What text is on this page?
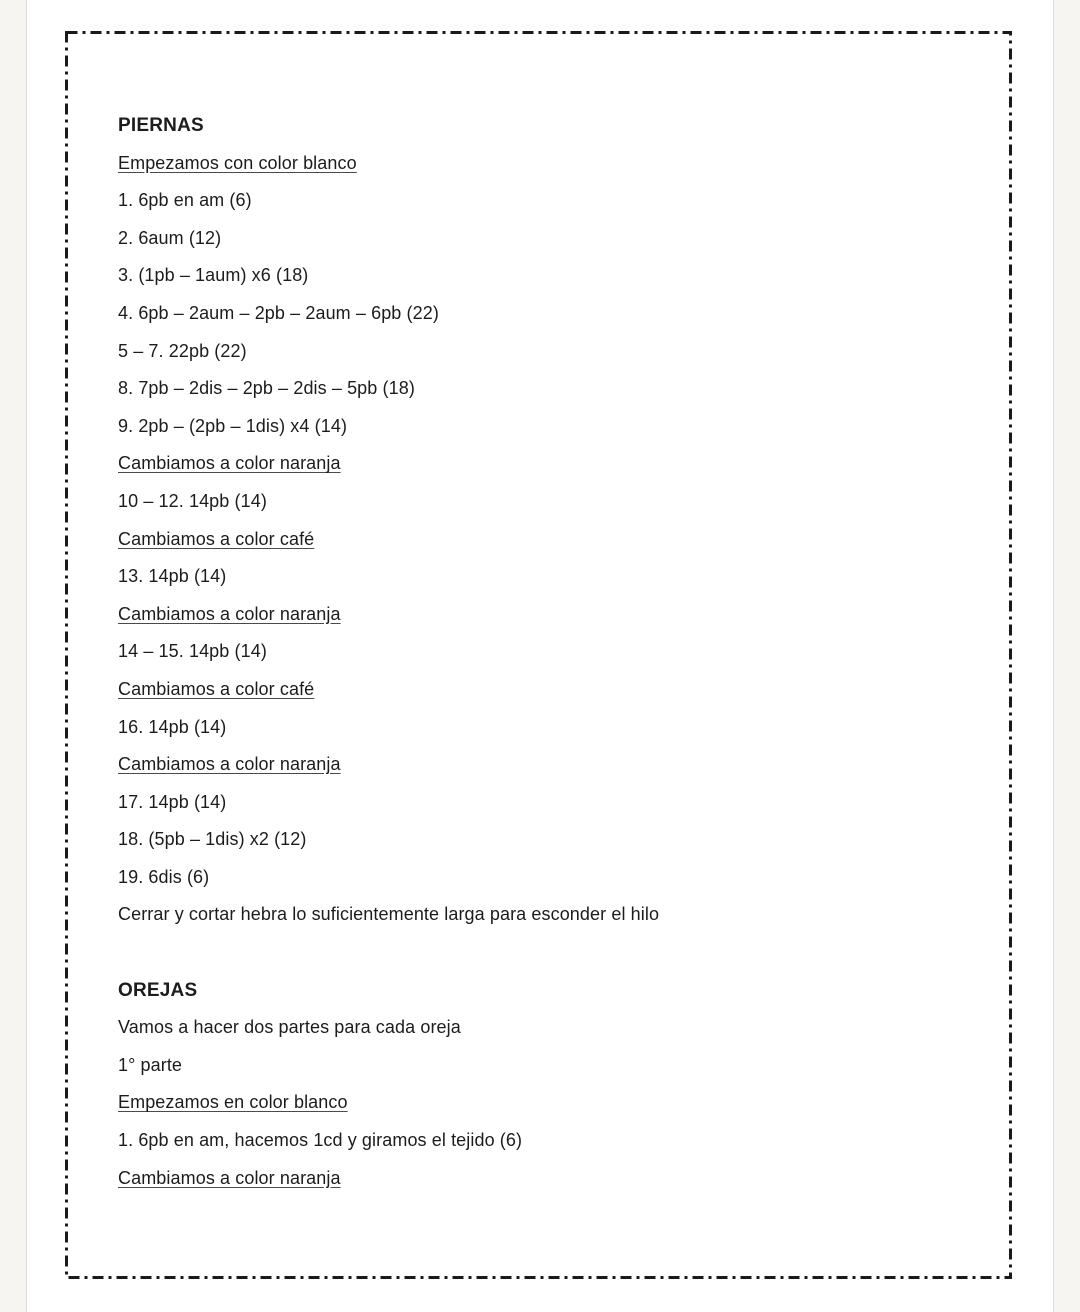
PIERNAS

Empezamos con color blanco

1. 6pb en am (6)

2. 6aum (12)

3. (1pb – 1aum) x6 (18)

4. 6pb – 2aum – 2pb – 2aum – 6pb (22)

5 – 7. 22pb (22)

8. 7pb – 2dis – 2pb – 2dis – 5pb (18)

9. 2pb – (2pb – 1dis) x4 (14)

Cambiamos a color naranja

10 – 12. 14pb (14)

Cambiamos a color café

13. 14pb (14)

Cambiamos a color naranja

14 – 15. 14pb (14)

Cambiamos a color café

16. 14pb (14)

Cambiamos a color naranja

17. 14pb (14)

18. (5pb – 1dis) x2 (12)

19. 6dis (6)

Cerrar y cortar hebra lo suficientemente larga para esconder el hilo

OREJAS

Vamos a hacer dos partes para cada oreja

1° parte

Empezamos en color blanco

1. 6pb en am, hacemos 1cd y giramos el tejido (6)

Cambiamos a color naranja
